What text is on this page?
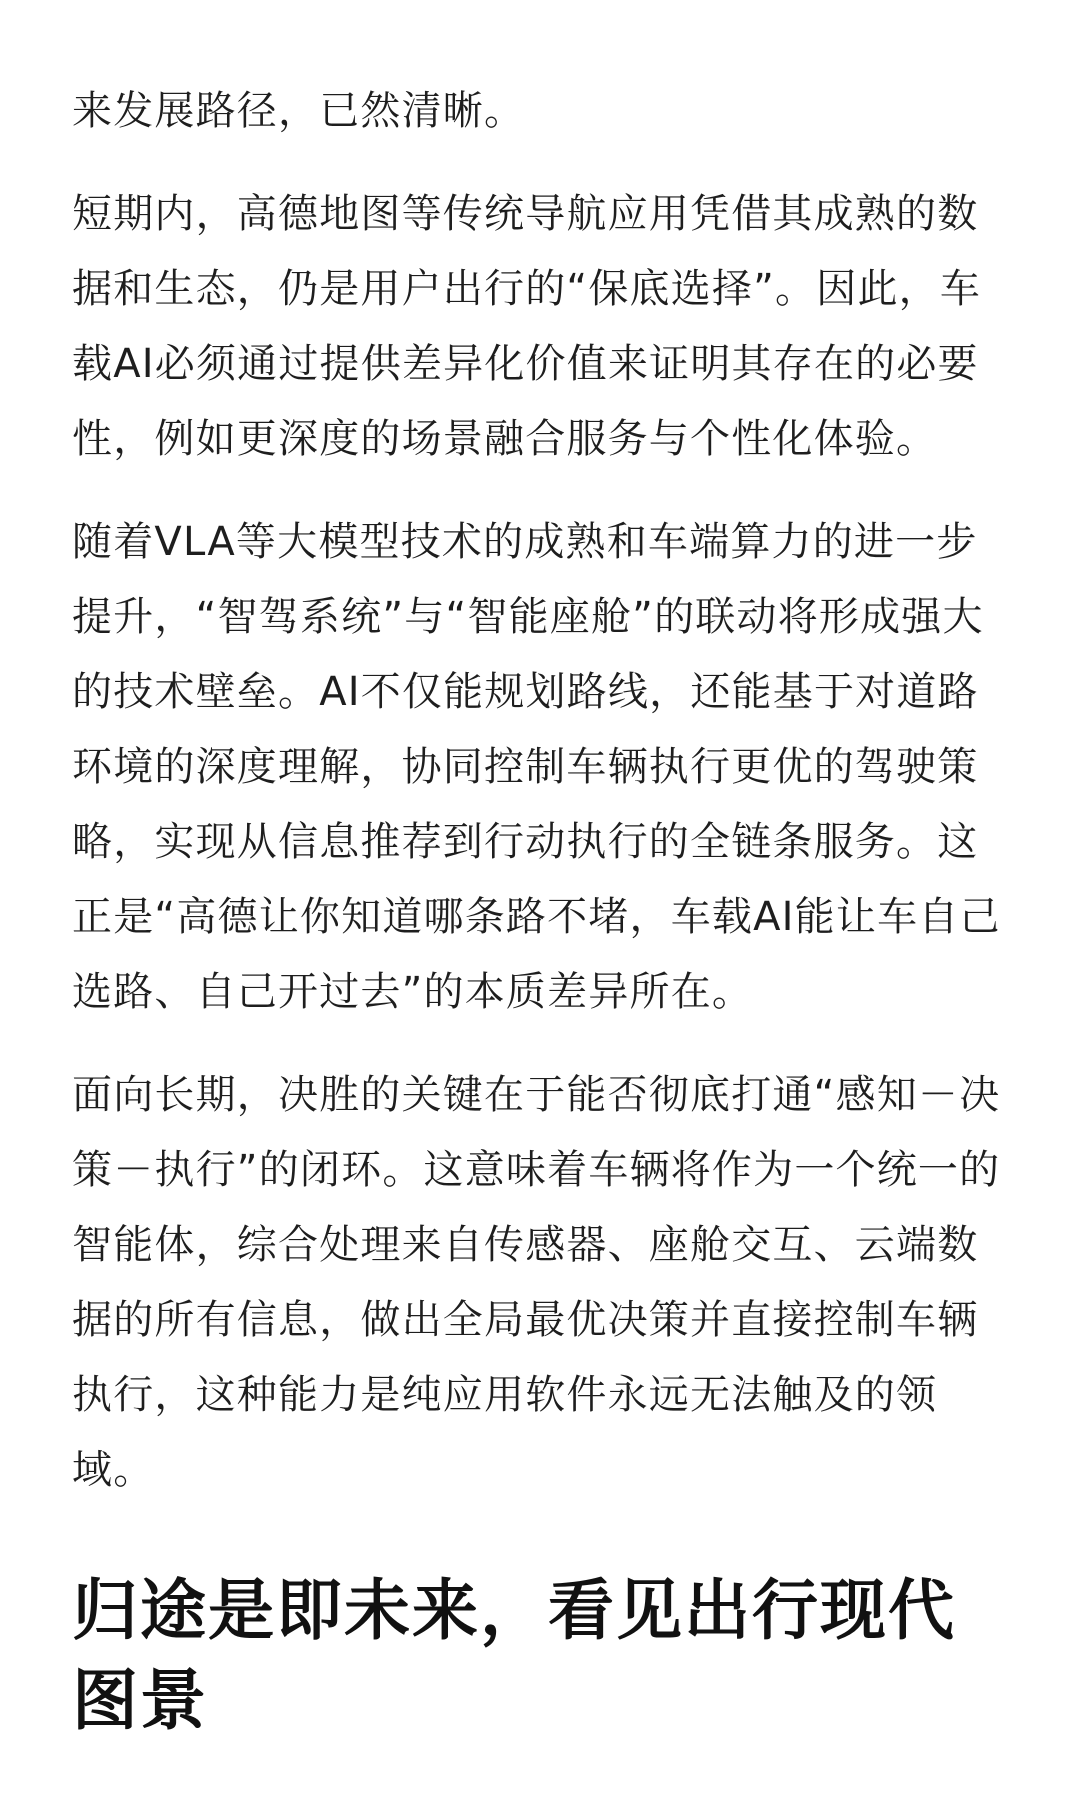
来发展路径，已然清晰。

短期内，高德地图等传统导航应用凭借其成熟的数据和生态，仍是用户出行的“保底选择”。因此，车载AI必须通过提供差异化价值来证明其存在的必要性，例如更深度的场景融合服务与个性化体验。

随着VLA等大模型技术的成熟和车端算力的进一步提升，“智驾系统”与“智能座舱”的联动将形成强大的技术壁垒。AI不仅能规划路线，还能基于对道路环境的深度理解，协同控制车辆执行更优的驾驶策略，实现从信息推荐到行动执行的全链条服务。这正是“高德让你知道哪条路不堵，车载AI能让车自己选路、自己开过去”的本质差异所在。

面向长期，决胜的关键在于能否彻底打通“感知－决策－执行”的闭环。这意味着车辆将作为一个统一的智能体，综合处理来自传感器、座舱交互、云端数据的所有信息，做出全局最优决策并直接控制车辆执行，这种能力是纯应用软件永远无法触及的领域。

归途是即未来，看见出行现代图景
